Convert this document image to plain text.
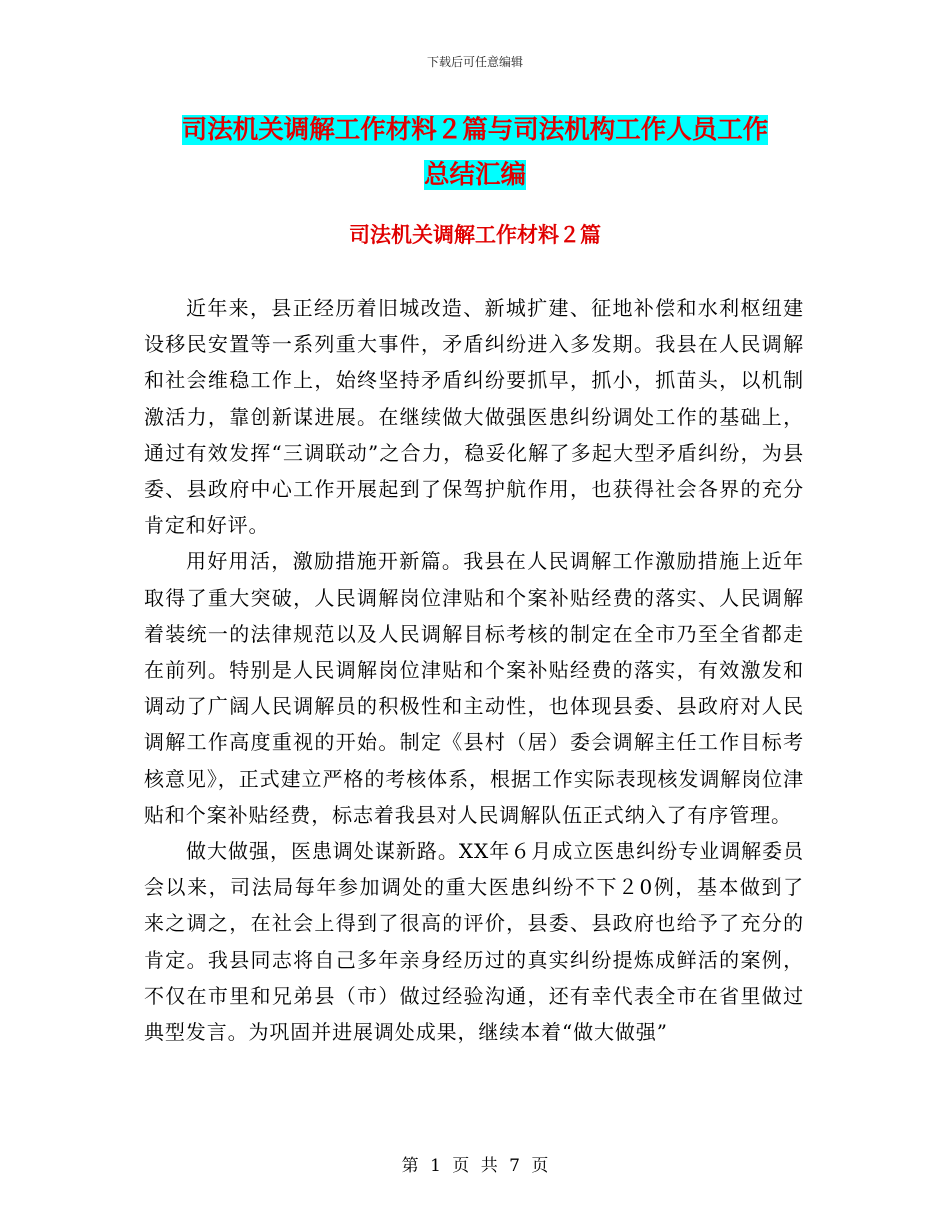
下载后可任意编辑
司法机关调解工作材料２篇与司法机构工作人员工作
总结汇编
司法机关调解工作材料２篇

近年来，县正经历着旧城改造、新城扩建、征地补偿和水利枢纽建设移民安置等一系列重大事件，矛盾纠纷进入多发期。我县在人民调解和社会维稳工作上，始终坚持矛盾纠纷要抓早，抓小，抓苗头，以机制激活力，靠创新谋进展。在继续做大做强医患纠纷调处工作的基础上，通过有效发挥“三调联动”之合力，稳妥化解了多起大型矛盾纠纷，为县委、县政府中心工作开展起到了保驾护航作用，也获得社会各界的充分肯定和好评。

用好用活，激励措施开新篇。我县在人民调解工作激励措施上近年取得了重大突破，人民调解岗位津贴和个案补贴经费的落实、人民调解着装统一的法律规范以及人民调解目标考核的制定在全市乃至全省都走在前列。特别是人民调解岗位津贴和个案补贴经费的落实，有效激发和调动了广阔人民调解员的积极性和主动性，也体现县委、县政府对人民调解工作高度重视的开始。制定《县村（居）委会调解主任工作目标考核意见》，正式建立严格的考核体系，根据工作实际表现核发调解岗位津贴和个案补贴经费，标志着我县对人民调解队伍正式纳入了有序管理。

做大做强，医患调处谋新路。XX年６月成立医患纠纷专业调解委员会以来，司法局每年参加调处的重大医患纠纷不下２0例，基本做到了来之调之，在社会上得到了很高的评价，县委、县政府也给予了充分的肯定。我县同志将自己多年亲身经历过的真实纠纷提炼成鲜活的案例，不仅在市里和兄弟县（市）做过经验沟通，还有幸代表全市在省里做过典型发言。为巩固并进展调处成果，继续本着“做大做强”

第 1 页 共 7 页
